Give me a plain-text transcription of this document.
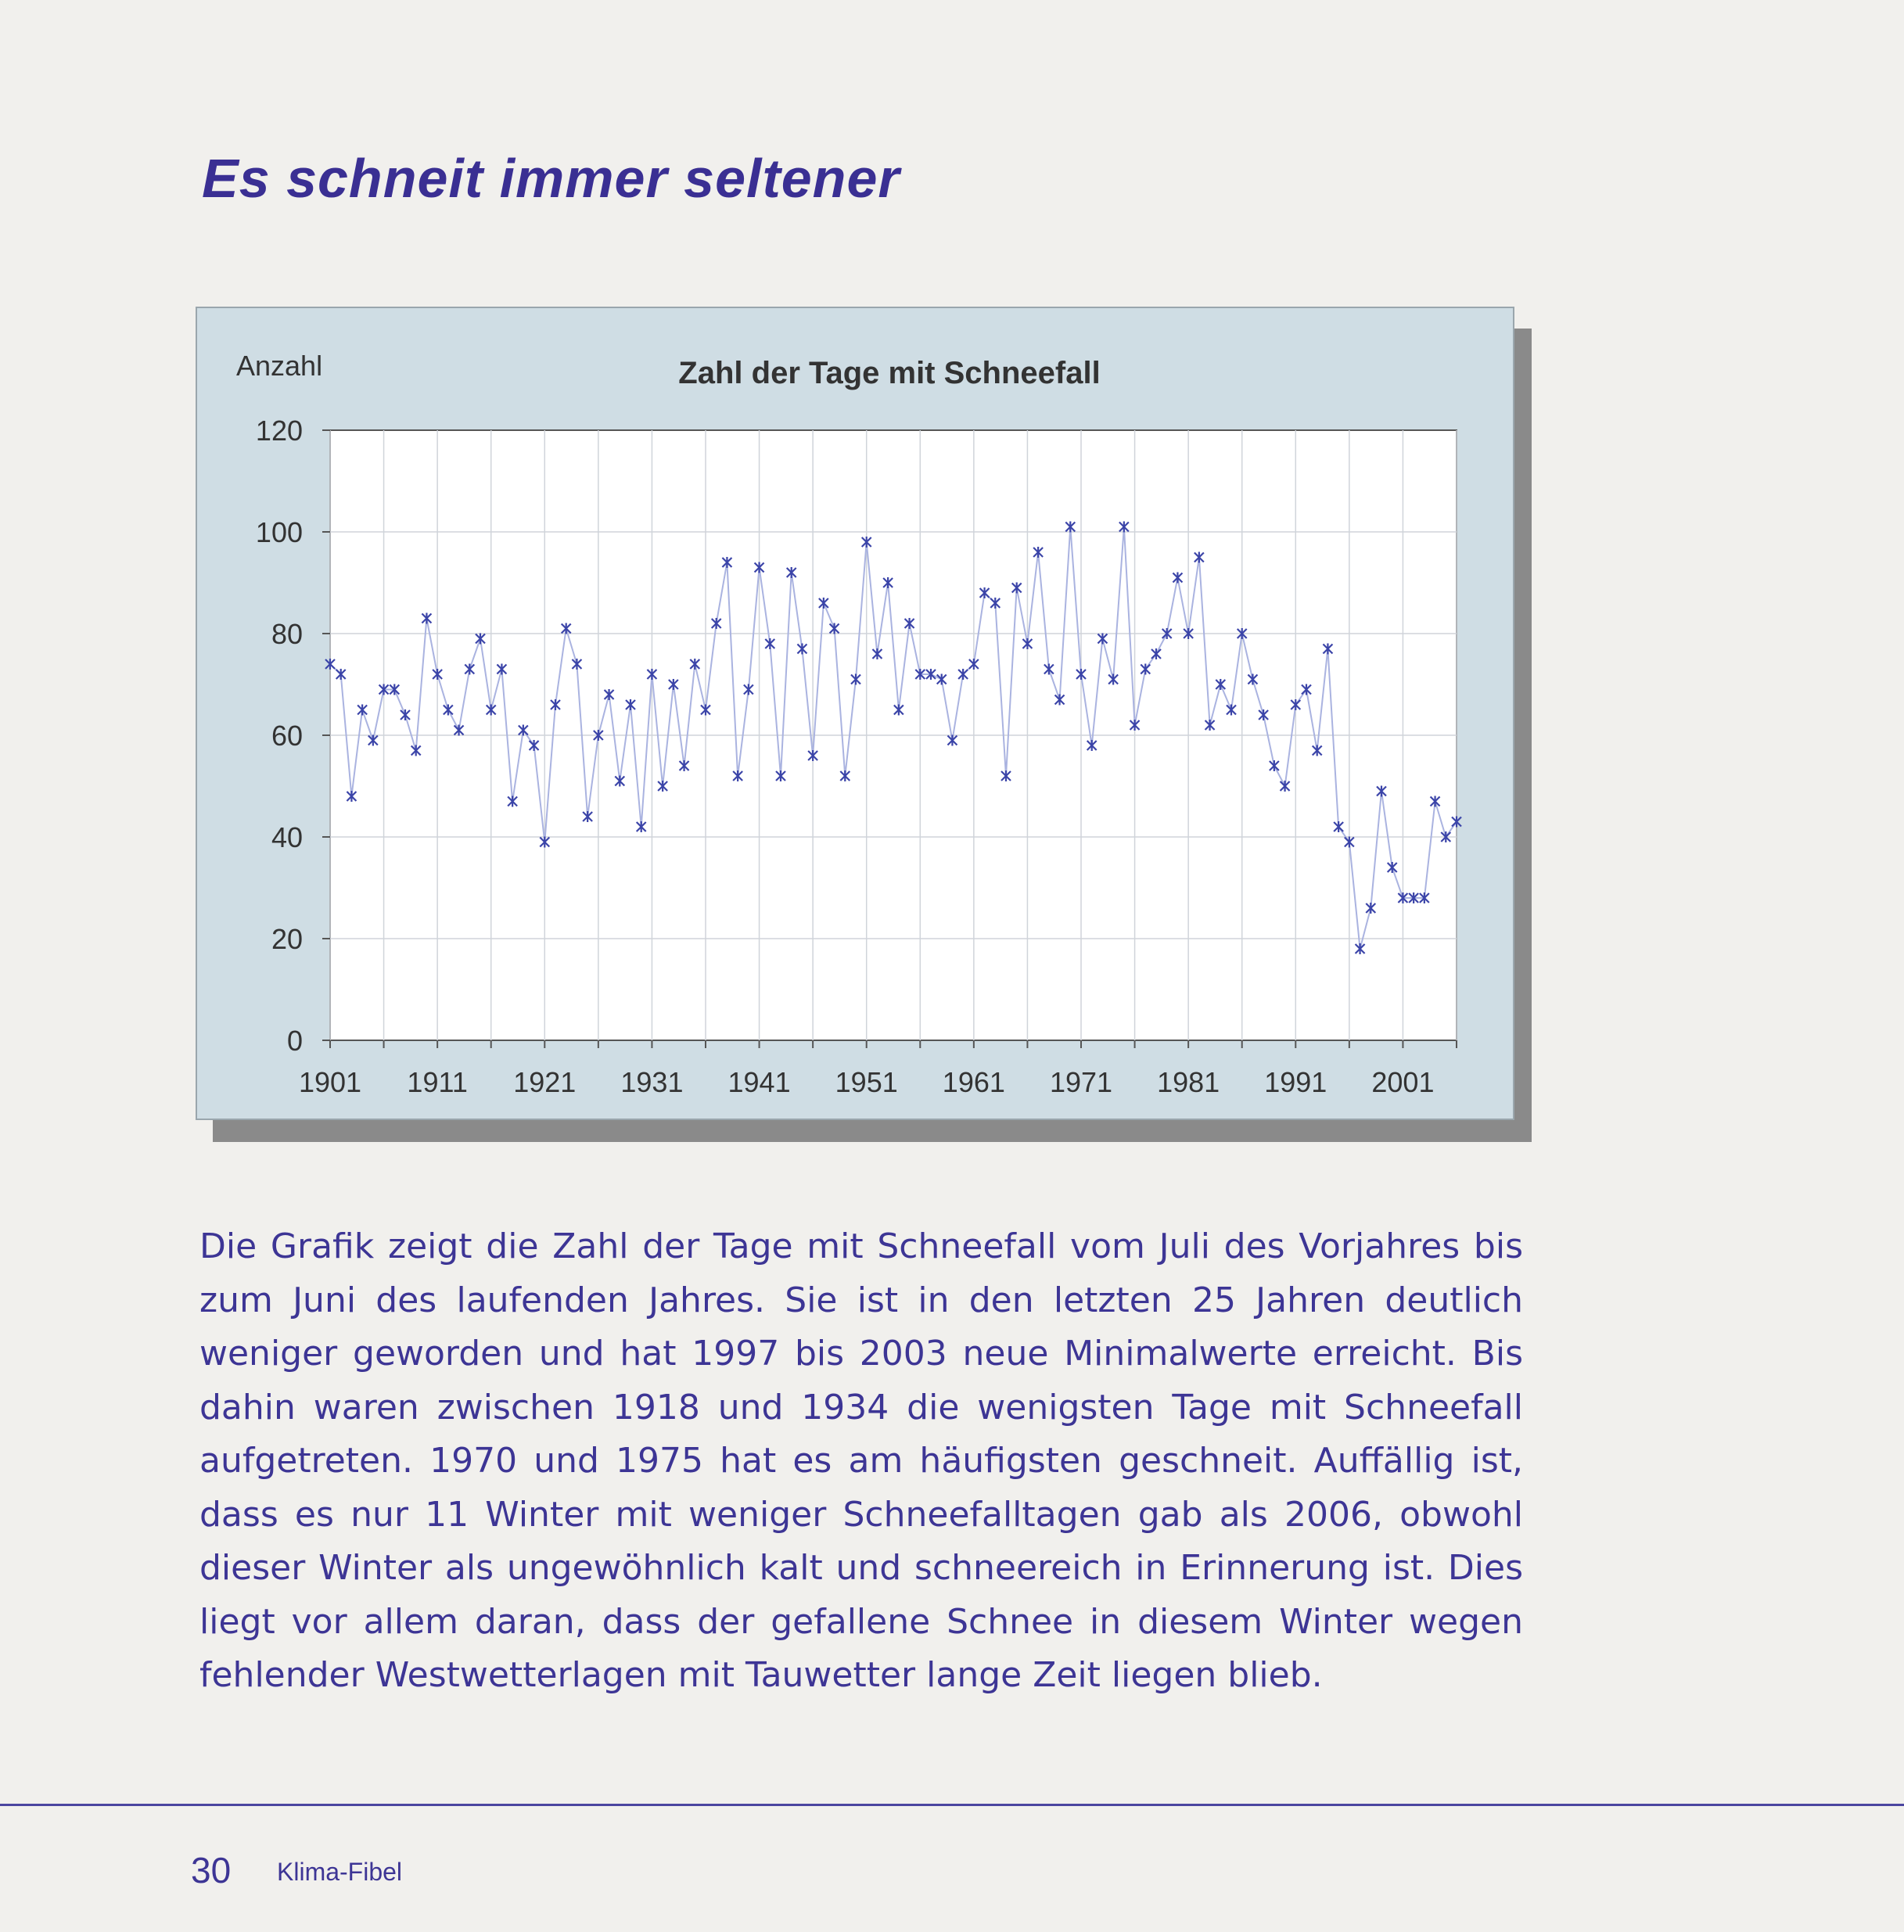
Es schneit immer seltener
Zahl der Tage mit Schneefall
Anzahl
0
20
40
60
80
100
120
1901 1911 1921 1931 1941 1951 1961 1971 1981 1991 2001

Die Grafik zeigt die Zahl der Tage mit Schneefall vom Juli des Vorjahres bis zum Juni des laufenden Jahres. Sie ist in den letzten 25 Jahren deutlich weniger geworden und hat 1997 bis 2003 neue Minimalwerte erreicht. Bis dahin waren zwischen 1918 und 1934 die wenigsten Tage mit Schneefall aufgetreten. 1970 und 1975 hat es am häufigsten geschneit. Auffällig ist, dass es nur 11 Winter mit weniger Schneefalltagen gab als 2006, obwohl dieser Winter als ungewöhnlich kalt und schneereich in Erinnerung ist. Dies liegt vor allem daran, dass der gefallene Schnee in diesem Winter wegen fehlender Westwetterlagen mit Tauwetter lange Zeit liegen blieb.

30 Klima-Fibel
